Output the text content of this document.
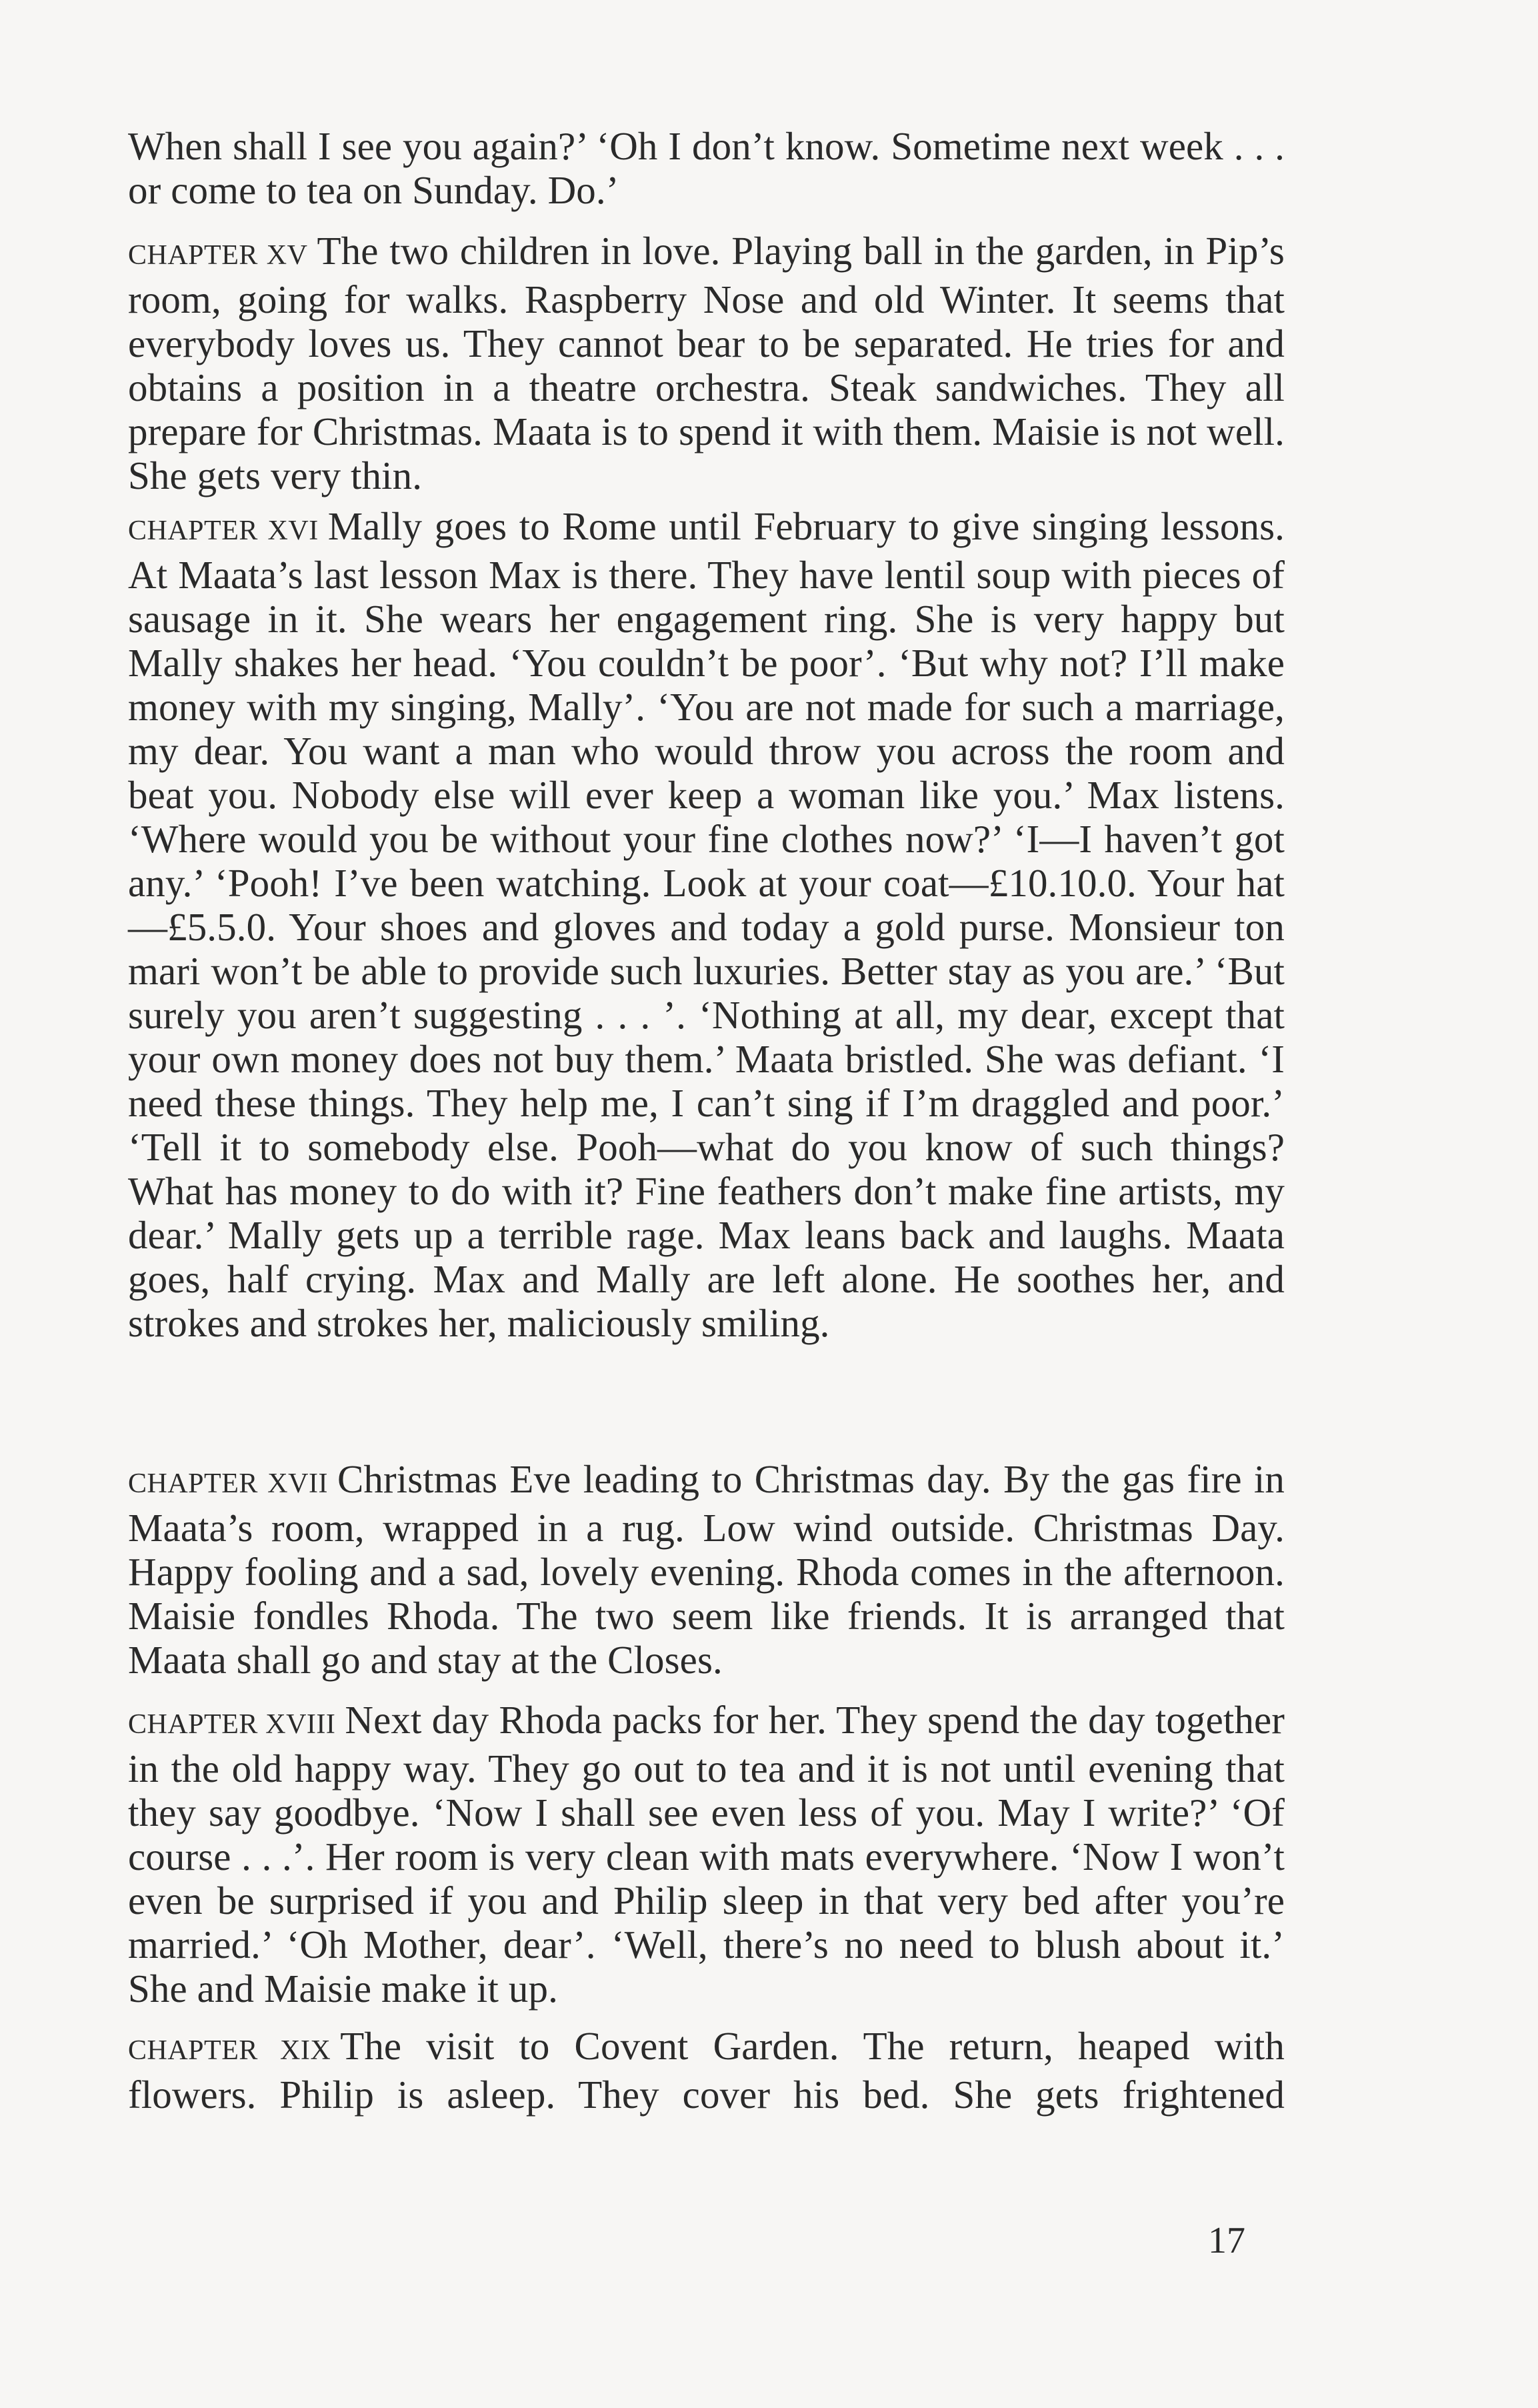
When shall I see you again?’ ‘Oh I don’t know. Sometime next week . . . or come to tea on Sunday. Do.’

CHAPTER XV The two children in love. Playing ball in the garden, in Pip’s room, going for walks. Raspberry Nose and old Winter. It seems that everybody loves us. They cannot bear to be separated. He tries for and obtains a position in a theatre orchestra. Steak sandwiches. They all prepare for Christmas. Maata is to spend it with them. Maisie is not well. She gets very thin.

CHAPTER XVI Mally goes to Rome until February to give singing lessons. At Maata’s last lesson Max is there. They have lentil soup with pieces of sausage in it. She wears her engagement ring. She is very happy but Mally shakes her head. ‘You couldn’t be poor’. ‘But why not? I’ll make money with my singing, Mally’. ‘You are not made for such a marriage, my dear. You want a man who would throw you across the room and beat you. Nobody else will ever keep a woman like you.’ Max listens. ‘Where would you be without your fine clothes now?’ ‘I—I haven’t got any.’ ‘Pooh! I’ve been watching. Look at your coat—£10.10.0. Your hat—£5.5.0. Your shoes and gloves and today a gold purse. Monsieur ton mari won’t be able to provide such luxuries. Better stay as you are.’ ‘But surely you aren’t suggesting . . . ’. ‘Nothing at all, my dear, except that your own money does not buy them.’ Maata bristled. She was defiant. ‘I need these things. They help me, I can’t sing if I’m draggled and poor.’ ‘Tell it to somebody else. Pooh—what do you know of such things? What has money to do with it? Fine feathers don’t make fine artists, my dear.’ Mally gets up a terrible rage. Max leans back and laughs. Maata goes, half crying. Max and Mally are left alone. He soothes her, and strokes and strokes her, maliciously smiling.

CHAPTER XVII Christmas Eve leading to Christmas day. By the gas fire in Maata’s room, wrapped in a rug. Low wind outside. Christmas Day. Happy fooling and a sad, lovely evening. Rhoda comes in the afternoon. Maisie fondles Rhoda. The two seem like friends. It is arranged that Maata shall go and stay at the Closes.

CHAPTER XVIII Next day Rhoda packs for her. They spend the day together in the old happy way. They go out to tea and it is not until evening that they say goodbye. ‘Now I shall see even less of you. May I write?’ ‘Of course . . .’. Her room is very clean with mats everywhere. ‘Now I won’t even be surprised if you and Philip sleep in that very bed after you’re married.’ ‘Oh Mother, dear’. ‘Well, there’s no need to blush about it.’ She and Maisie make it up.

CHAPTER XIX The visit to Covent Garden. The return, heaped with flowers. Philip is asleep. They cover his bed. She gets frightened

17
